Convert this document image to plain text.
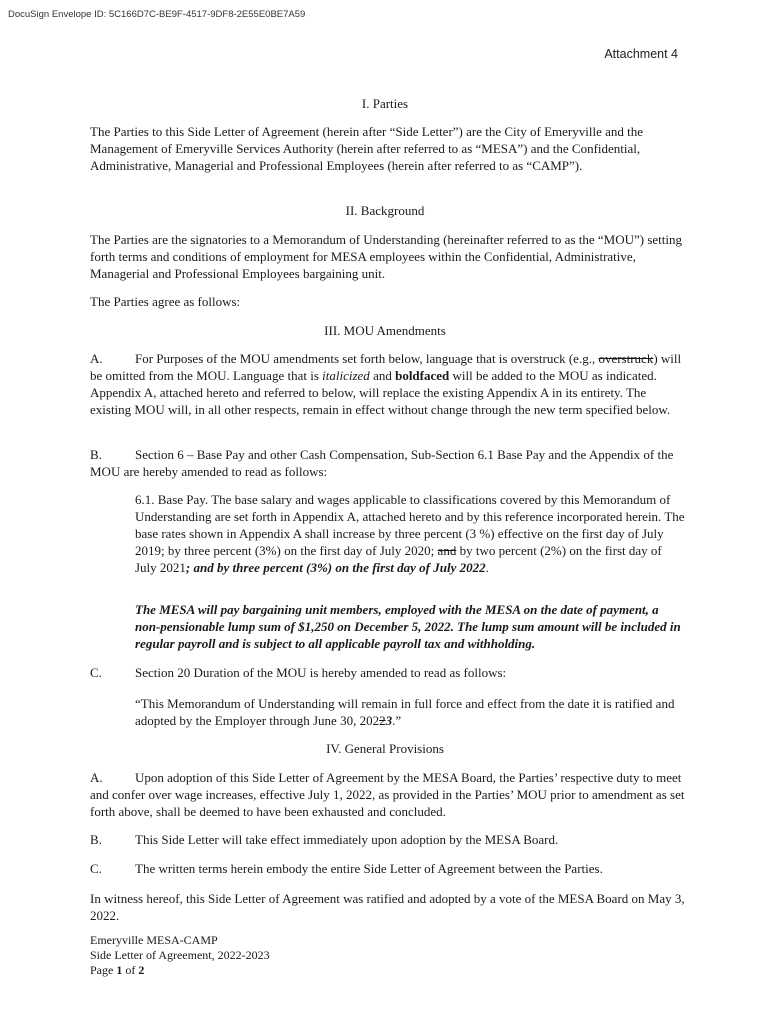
DocuSign Envelope ID: 5C166D7C-BE9F-4517-9DF8-2E55E0BE7A59
Attachment 4
I. Parties

The Parties to this Side Letter of Agreement (herein after “Side Letter”) are the City of Emeryville and the Management of Emeryville Services Authority (herein after referred to as “MESA”) and the Confidential, Administrative, Managerial and Professional Employees (herein after referred to as “CAMP”).

II. Background

The Parties are the signatories to a Memorandum of Understanding (hereinafter referred to as the “MOU”) setting forth terms and conditions of employment for MESA employees within the Confidential, Administrative, Managerial and Professional Employees bargaining unit.

The Parties agree as follows:

III. MOU Amendments

A. For Purposes of the MOU amendments set forth below, language that is overstruck (e.g., overstruck) will be omitted from the MOU. Language that is italicized and boldfaced will be added to the MOU as indicated. Appendix A, attached hereto and referred to below, will replace the existing Appendix A in its entirety. The existing MOU will, in all other respects, remain in effect without change through the new term specified below.

B.	Section 6 – Base Pay and other Cash Compensation, Sub-Section 6.1 Base Pay and the Appendix of the MOU are hereby amended to read as follows:

6.1. Base Pay. The base salary and wages applicable to classifications covered by this Memorandum of Understanding are set forth in Appendix A, attached hereto and by this reference incorporated herein. The base rates shown in Appendix A shall increase by three percent (3 %) effective on the first day of July 2019; by three percent (3%) on the first day of July 2020; and by two percent (2%) on the first day of July 2021; and by three percent (3%) on the first day of July 2022.

The MESA will pay bargaining unit members, employed with the MESA on the date of payment, a non-pensionable lump sum of $1,250 on December 5, 2022. The lump sum amount will be included in regular payroll and is subject to all applicable payroll tax and withholding.

C.	Section 20 Duration of the MOU is hereby amended to read as follows:

“This Memorandum of Understanding will remain in full force and effect from the date it is ratified and adopted by the Employer through June 30, 20223.”

IV. General Provisions

A. Upon adoption of this Side Letter of Agreement by the MESA Board, the Parties’ respective duty to meet and confer over wage increases, effective July 1, 2022, as provided in the Parties’ MOU prior to amendment as set forth above, shall be deemed to have been exhausted and concluded.

B.	This Side Letter will take effect immediately upon adoption by the MESA Board.

C.	The written terms herein embody the entire Side Letter of Agreement between the Parties.

In witness hereof, this Side Letter of Agreement was ratified and adopted by a vote of the MESA Board on May 3, 2022.

Emeryville MESA-CAMP
Side Letter of Agreement, 2022-2023
Page 1 of 2
